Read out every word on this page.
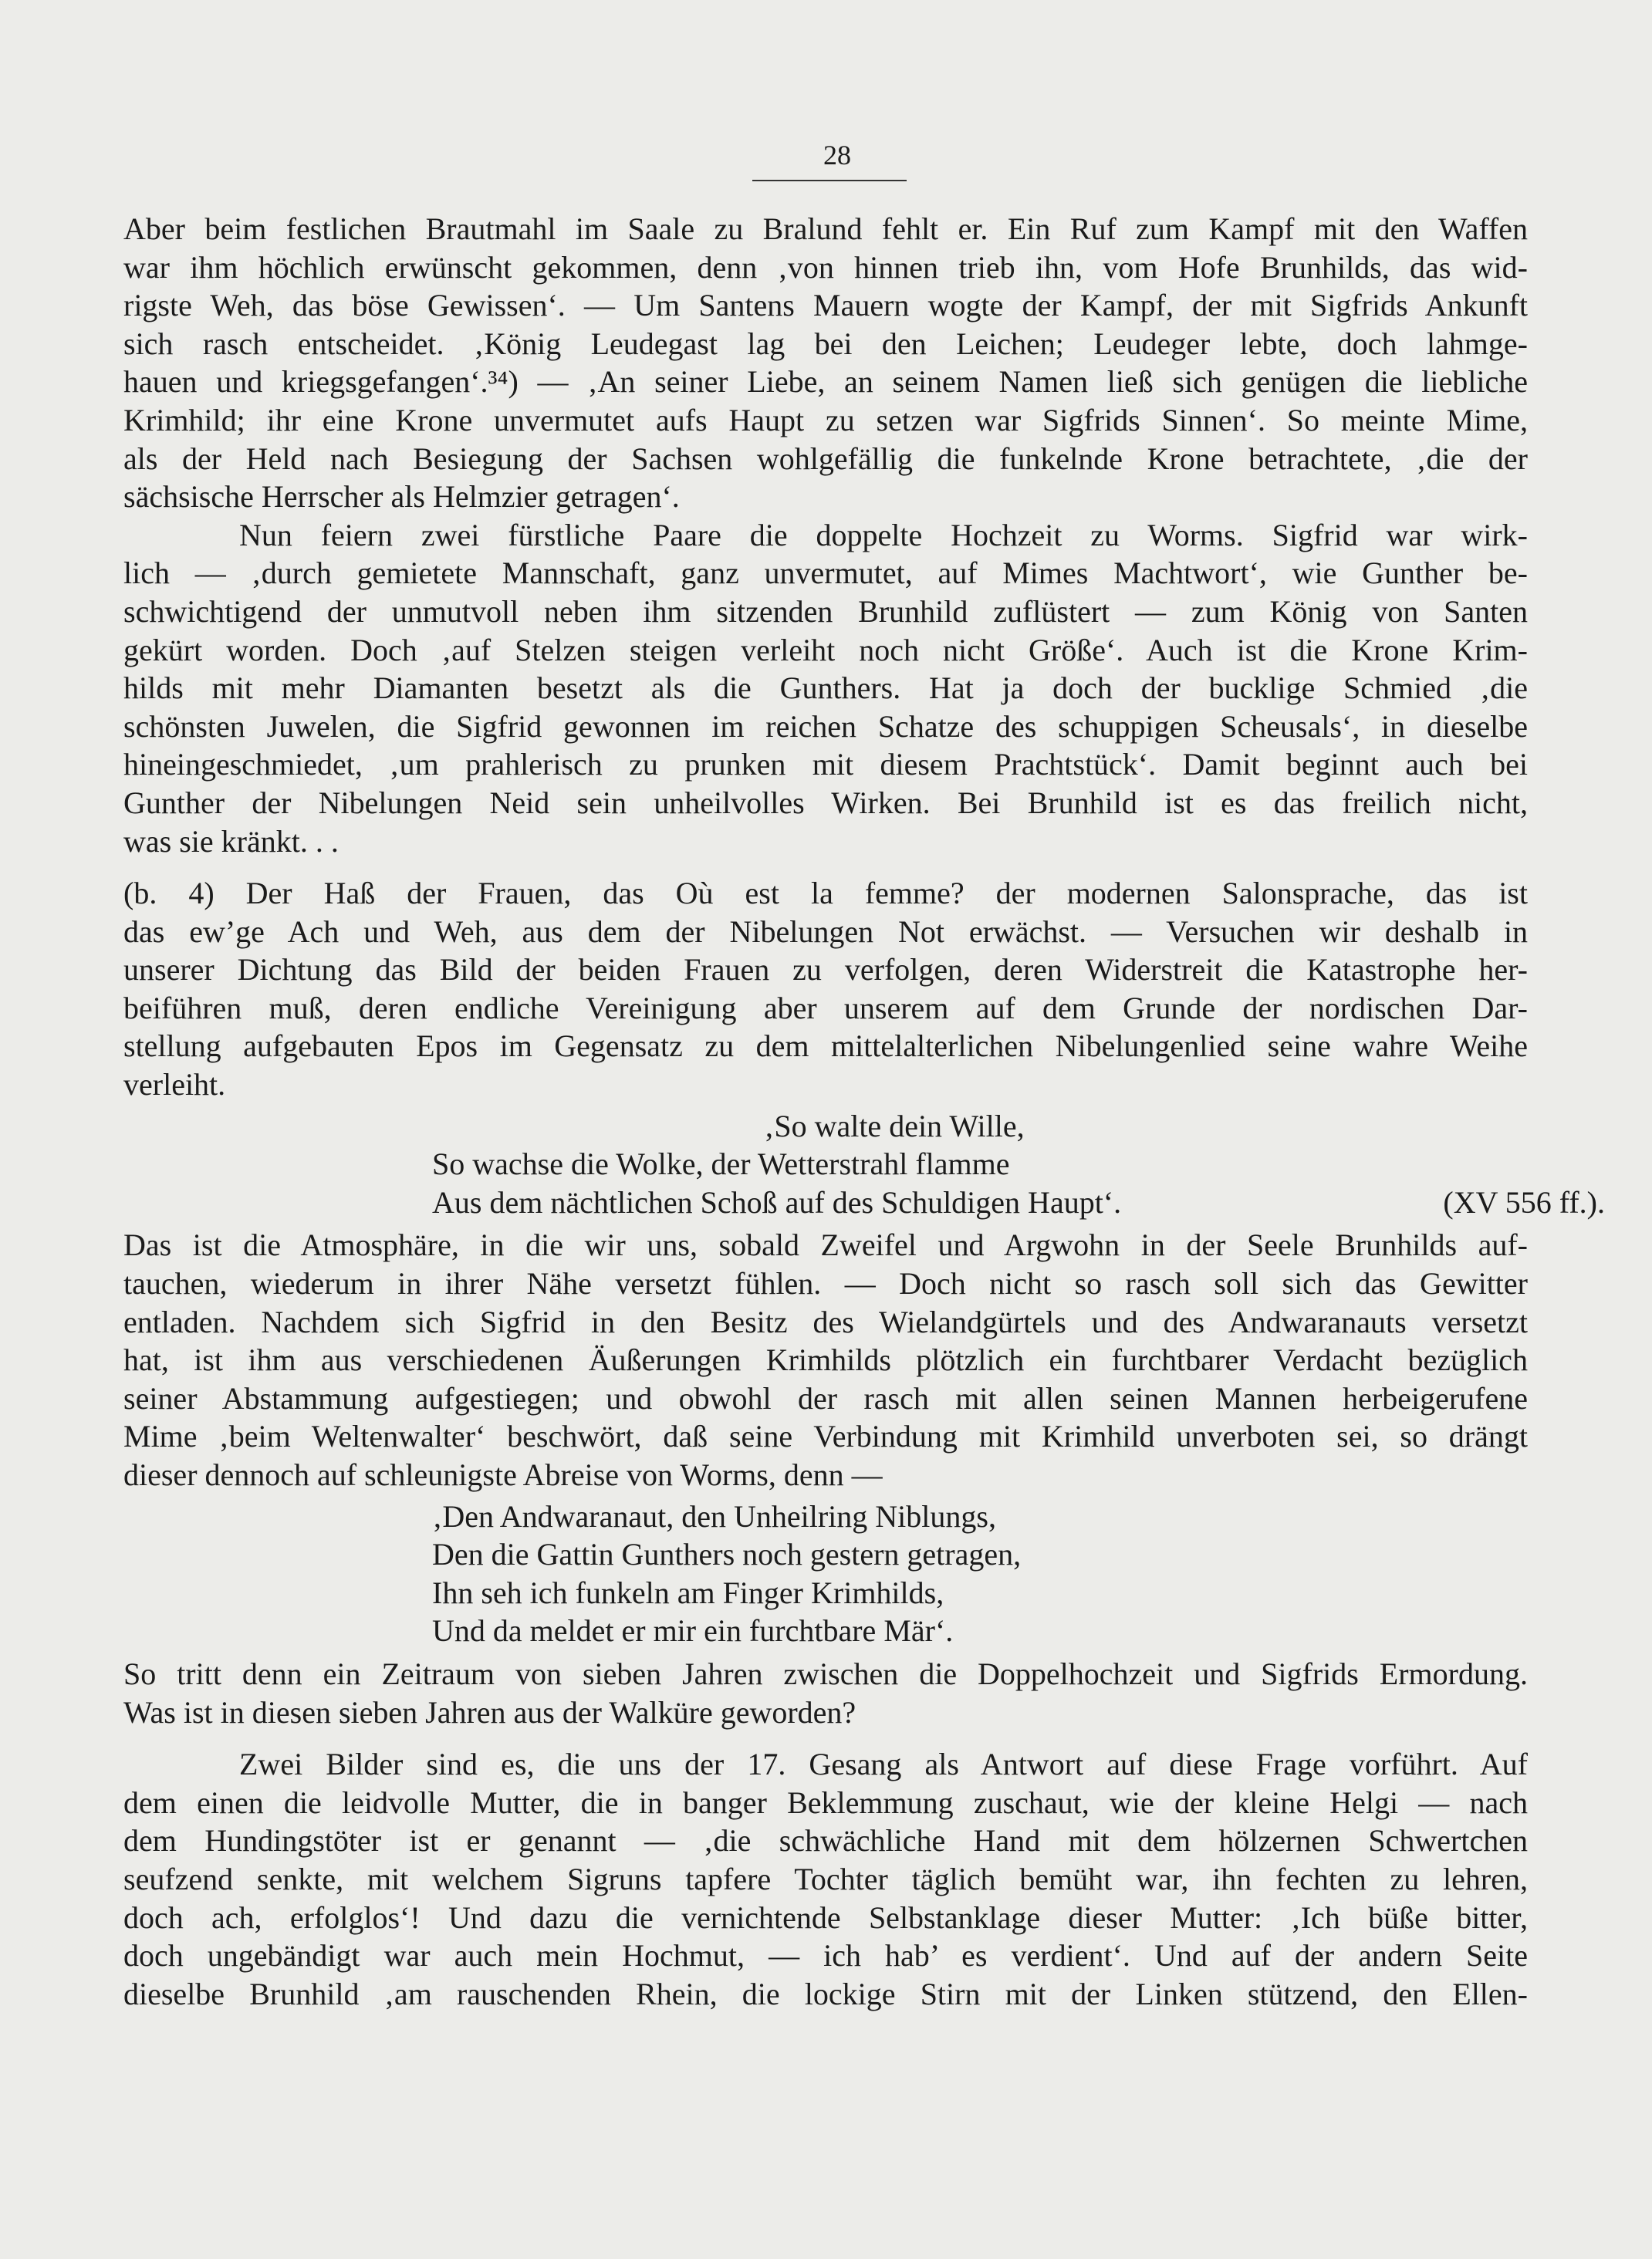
28

Aber beim festlichen Brautmahl im Saale zu Bralund fehlt er. Ein Ruf zum Kampf mit den Waffen
war ihm höchlich erwünscht gekommen, denn ‚von hinnen trieb ihn, vom Hofe Brunhilds, das wid-
rigste Weh, das böse Gewissen‘. — Um Santens Mauern wogte der Kampf, der mit Sigfrids Ankunft
sich rasch entscheidet. ‚König Leudegast lag bei den Leichen; Leudeger lebte, doch lahmge-
hauen und kriegsgefangen‘.³⁴) — ‚An seiner Liebe, an seinem Namen ließ sich genügen die liebliche
Krimhild; ihr eine Krone unvermutet aufs Haupt zu setzen war Sigfrids Sinnen‘. So meinte Mime,
als der Held nach Besiegung der Sachsen wohlgefällig die funkelnde Krone betrachtete, ‚die der
sächsische Herrscher als Helmzier getragen‘.

Nun feiern zwei fürstliche Paare die doppelte Hochzeit zu Worms. Sigfrid war wirk-
lich — ‚durch gemietete Mannschaft, ganz unvermutet, auf Mimes Machtwort‘, wie Gunther be-
schwichtigend der unmutvoll neben ihm sitzenden Brunhild zuflüstert — zum König von Santen
gekürt worden. Doch ‚auf Stelzen steigen verleiht noch nicht Größe‘. Auch ist die Krone Krim-
hilds mit mehr Diamanten besetzt als die Gunthers. Hat ja doch der bucklige Schmied ‚die
schönsten Juwelen, die Sigfrid gewonnen im reichen Schatze des schuppigen Scheusals‘, in dieselbe
hineingeschmiedet, ‚um prahlerisch zu prunken mit diesem Prachtstück‘. Damit beginnt auch bei
Gunther der Nibelungen Neid sein unheilvolles Wirken. Bei Brunhild ist es das freilich nicht,
was sie kränkt. . .

(b. 4) Der Haß der Frauen, das Où est la femme? der modernen Salonsprache, das ist
das ew’ge Ach und Weh, aus dem der Nibelungen Not erwächst. — Versuchen wir deshalb in
unserer Dichtung das Bild der beiden Frauen zu verfolgen, deren Widerstreit die Katastrophe her-
beiführen muß, deren endliche Vereinigung aber unserem auf dem Grunde der nordischen Dar-
stellung aufgebauten Epos im Gegensatz zu dem mittelalterlichen Nibelungenlied seine wahre Weihe
verleiht.

‚So walte dein Wille,
So wachse die Wolke, der Wetterstrahl flamme
Aus dem nächtlichen Schoß auf des Schuldigen Haupt‘.	(XV 556 ff.).

Das ist die Atmosphäre, in die wir uns, sobald Zweifel und Argwohn in der Seele Brunhilds auf-
tauchen, wiederum in ihrer Nähe versetzt fühlen. — Doch nicht so rasch soll sich das Gewitter
entladen. Nachdem sich Sigfrid in den Besitz des Wielandgürtels und des Andwaranauts versetzt
hat, ist ihm aus verschiedenen Äußerungen Krimhilds plötzlich ein furchtbarer Verdacht bezüglich
seiner Abstammung aufgestiegen; und obwohl der rasch mit allen seinen Mannen herbeigerufene
Mime ‚beim Weltenwalter‘ beschwört, daß seine Verbindung mit Krimhild unverboten sei, so drängt
dieser dennoch auf schleunigste Abreise von Worms, denn —

‚Den Andwaranaut, den Unheilring Niblungs,
Den die Gattin Gunthers noch gestern getragen,
Ihn seh ich funkeln am Finger Krimhilds,
Und da meldet er mir ein furchtbare Mär‘.

So tritt denn ein Zeitraum von sieben Jahren zwischen die Doppelhochzeit und Sigfrids Ermordung.
Was ist in diesen sieben Jahren aus der Walküre geworden?

Zwei Bilder sind es, die uns der 17. Gesang als Antwort auf diese Frage vorführt. Auf
dem einen die leidvolle Mutter, die in banger Beklemmung zuschaut, wie der kleine Helgi — nach
dem Hundingstöter ist er genannt — ‚die schwächliche Hand mit dem hölzernen Schwertchen
seufzend senkte, mit welchem Sigruns tapfere Tochter täglich bemüht war, ihn fechten zu lehren,
doch ach, erfolglos‘! Und dazu die vernichtende Selbstanklage dieser Mutter: ‚Ich büße bitter,
doch ungebändigt war auch mein Hochmut, — ich hab’ es verdient‘. Und auf der andern Seite
dieselbe Brunhild ‚am rauschenden Rhein, die lockige Stirn mit der Linken stützend, den Ellen-
